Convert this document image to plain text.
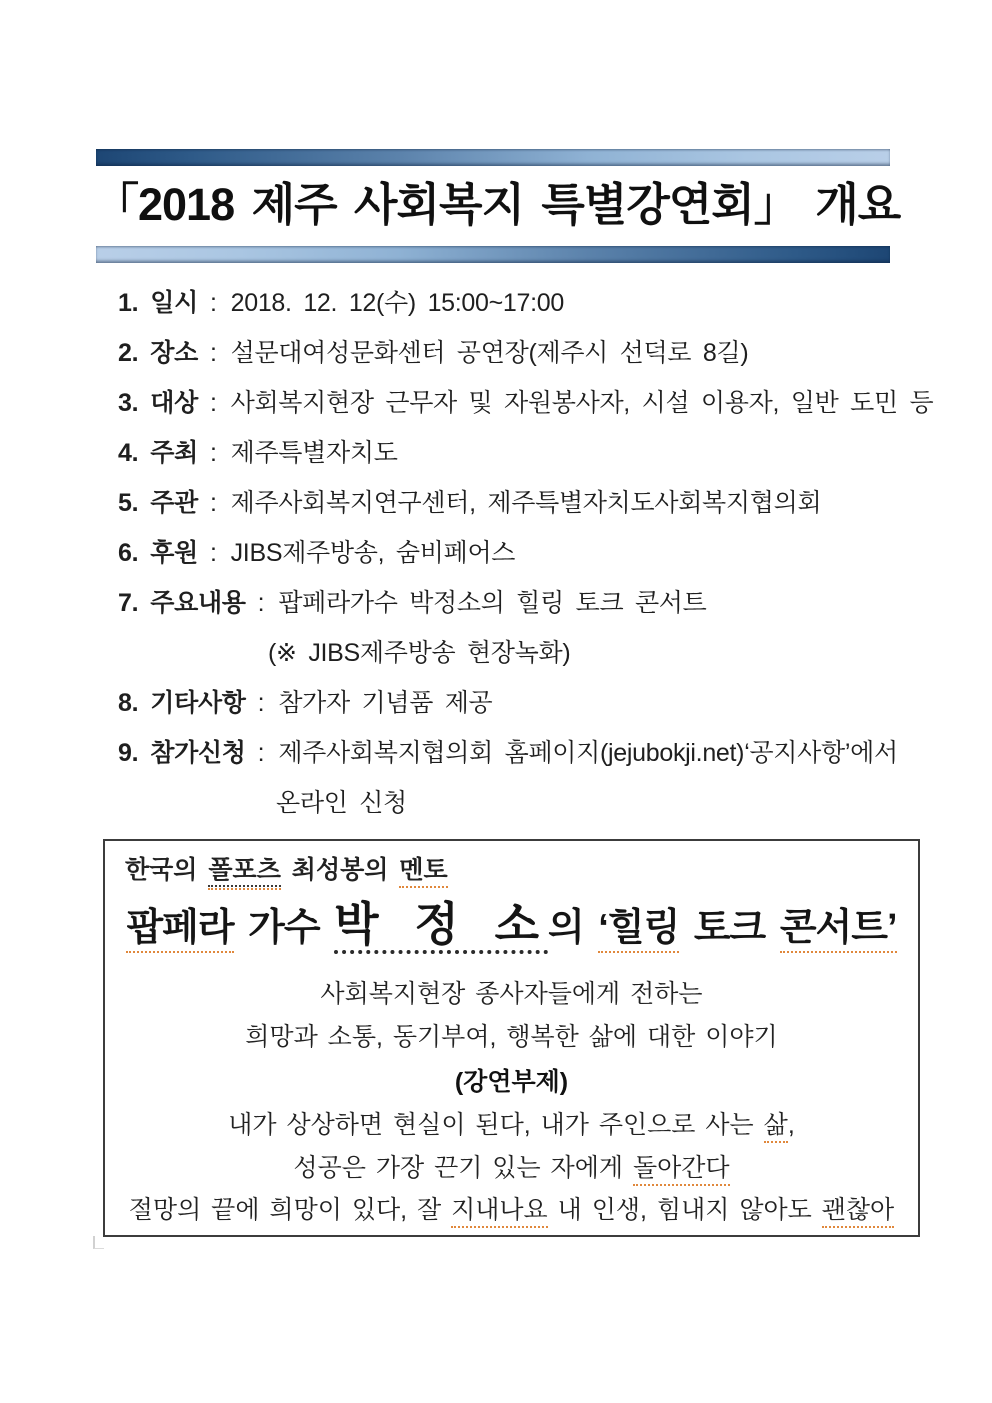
「2018 제주 사회복지 특별강연회」 개요
1. 일시 : 2018. 12. 12(수) 15:00~17:00
2. 장소 : 설문대여성문화센터 공연장(제주시 선덕로 8길)
3. 대상 : 사회복지현장 근무자 및 자원봉사자, 시설 이용자, 일반 도민 등
4. 주최 : 제주특별자치도
5. 주관 : 제주사회복지연구센터, 제주특별자치도사회복지협의회
6. 후원 : JIBS제주방송, 숨비페어스
7. 주요내용 : 팝페라가수 박정소의 힐링 토크 콘서트
(※ JIBS제주방송 현장녹화)
8. 기타사항 : 참가자 기념품 제공
9. 참가신청 : 제주사회복지협의회 홈페이지(jejubokji.net)‘공지사항’에서
온라인 신청
한국의 폴포츠 최성봉의 멘토
팝페라 가수 박 정 소의 ‘힐링 토크 콘서트’
사회복지현장 종사자들에게 전하는
희망과 소통, 동기부여, 행복한 삶에 대한 이야기
(강연부제)
내가 상상하면 현실이 된다, 내가 주인으로 사는 삶,
성공은 가장 끈기 있는 자에게 돌아간다
절망의 끝에 희망이 있다, 잘 지내나요 내 인생, 힘내지 않아도 괜찮아
